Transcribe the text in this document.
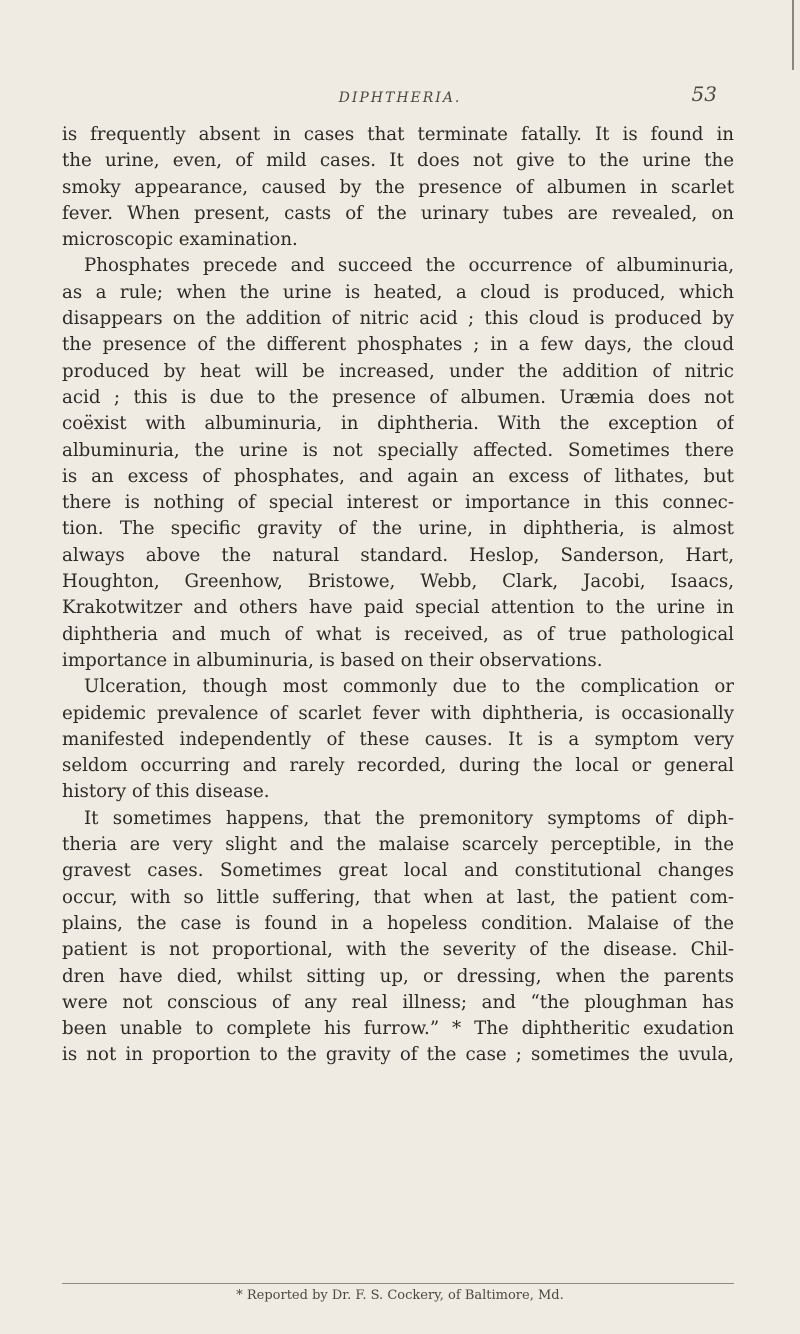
DIPHTHERIA.	53
is frequently absent in cases that terminate fatally. It is found in
the urine, even, of mild cases. It does not give to the urine the
smoky appearance, caused by the presence of albumen in scarlet
fever. When present, casts of the urinary tubes are revealed, on
microscopic examination.
Phosphates precede and succeed the occurrence of albuminuria,
as a rule; when the urine is heated, a cloud is produced, which
disappears on the addition of nitric acid ; this cloud is produced by
the presence of the different phosphates ; in a few days, the cloud
produced by heat will be increased, under the addition of nitric
acid ; this is due to the presence of albumen. Uræmia does not
coëxist with albuminuria, in diphtheria. With the exception of
albuminuria, the urine is not specially affected. Sometimes there
is an excess of phosphates, and again an excess of lithates, but
there is nothing of special interest or importance in this connec-
tion. The specific gravity of the urine, in diphtheria, is almost
always above the natural standard. Heslop, Sanderson, Hart,
Houghton, Greenhow, Bristowe, Webb, Clark, Jacobi, Isaacs,
Krakotwitzer and others have paid special attention to the urine in
diphtheria and much of what is received, as of true pathological
importance in albuminuria, is based on their observations.
Ulceration, though most commonly due to the complication or
epidemic prevalence of scarlet fever with diphtheria, is occasionally
manifested independently of these causes. It is a symptom very
seldom occurring and rarely recorded, during the local or general
history of this disease.
It sometimes happens, that the premonitory symptoms of diph-
theria are very slight and the malaise scarcely perceptible, in the
gravest cases. Sometimes great local and constitutional changes
occur, with so little suffering, that when at last, the patient com-
plains, the case is found in a hopeless condition. Malaise of the
patient is not proportional, with the severity of the disease. Chil-
dren have died, whilst sitting up, or dressing, when the parents
were not conscious of any real illness; and “the ploughman has
been unable to complete his furrow.” * The diphtheritic exudation
is not in proportion to the gravity of the case ; sometimes the uvula,
* Reported by Dr. F. S. Cockery, of Baltimore, Md.
